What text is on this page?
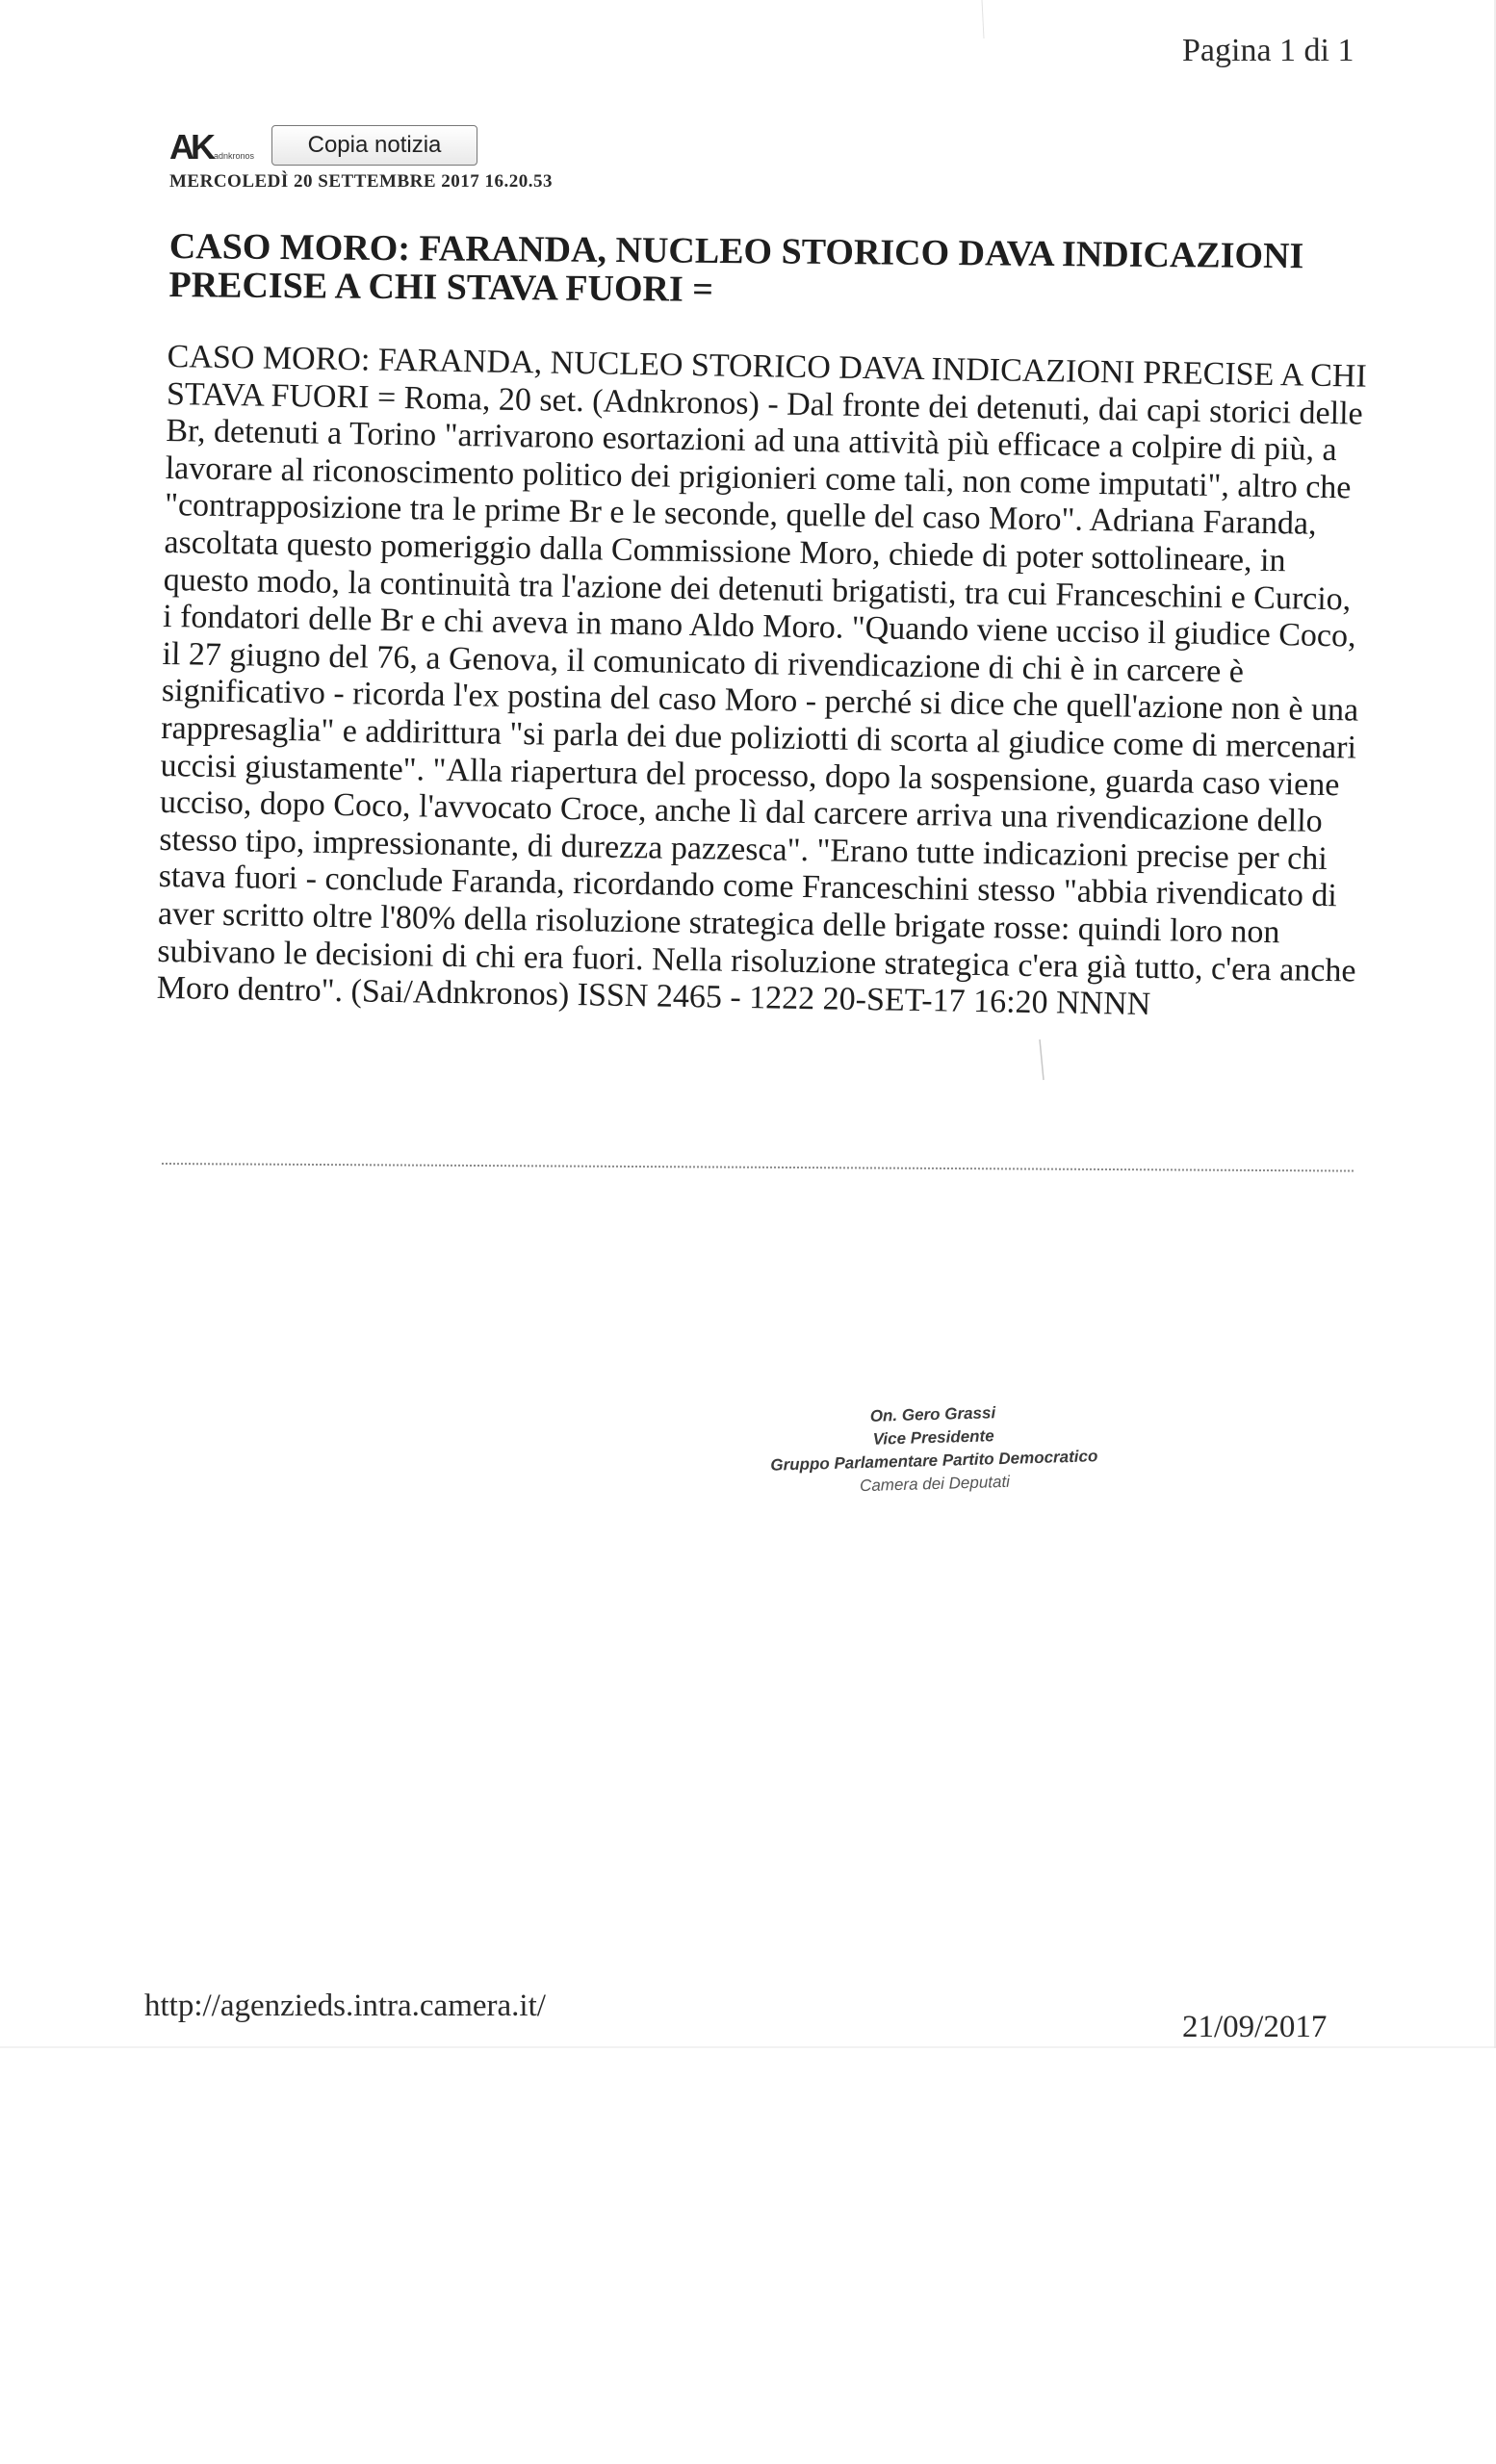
Pagina 1 di 1
AK adnkronos	Copia notizia
MERCOLEDÌ 20 SETTEMBRE 2017 16.20.53
CASO MORO: FARANDA, NUCLEO STORICO DAVA INDICAZIONI PRECISE A CHI STAVA FUORI =

CASO MORO: FARANDA, NUCLEO STORICO DAVA INDICAZIONI PRECISE A CHI STAVA FUORI = Roma, 20 set. (Adnkronos) - Dal fronte dei detenuti, dai capi storici delle Br, detenuti a Torino "arrivarono esortazioni ad una attività più efficace a colpire di più, a lavorare al riconoscimento politico dei prigionieri come tali, non come imputati", altro che "contrapposizione tra le prime Br e le seconde, quelle del caso Moro". Adriana Faranda, ascoltata questo pomeriggio dalla Commissione Moro, chiede di poter sottolineare, in questo modo, la continuità tra l'azione dei detenuti brigatisti, tra cui Franceschini e Curcio, i fondatori delle Br e chi aveva in mano Aldo Moro. "Quando viene ucciso il giudice Coco, il 27 giugno del 76, a Genova, il comunicato di rivendicazione di chi è in carcere è significativo - ricorda l'ex postina del caso Moro - perché si dice che quell'azione non è una rappresaglia" e addirittura "si parla dei due poliziotti di scorta al giudice come di mercenari uccisi giustamente". "Alla riapertura del processo, dopo la sospensione, guarda caso viene ucciso, dopo Coco, l'avvocato Croce, anche lì dal carcere arriva una rivendicazione dello stesso tipo, impressionante, di durezza pazzesca". "Erano tutte indicazioni precise per chi stava fuori - conclude Faranda, ricordando come Franceschini stesso "abbia rivendicato di aver scritto oltre l'80% della risoluzione strategica delle brigate rosse: quindi loro non subivano le decisioni di chi era fuori. Nella risoluzione strategica c'era già tutto, c'era anche Moro dentro". (Sai/Adnkronos) ISSN 2465 - 1222 20-SET-17 16:20 NNNN

On. Gero Grassi
Vice Presidente
Gruppo Parlamentare Partito Democratico
Camera dei Deputati
http://agenzieds.intra.camera.it/
21/09/2017
